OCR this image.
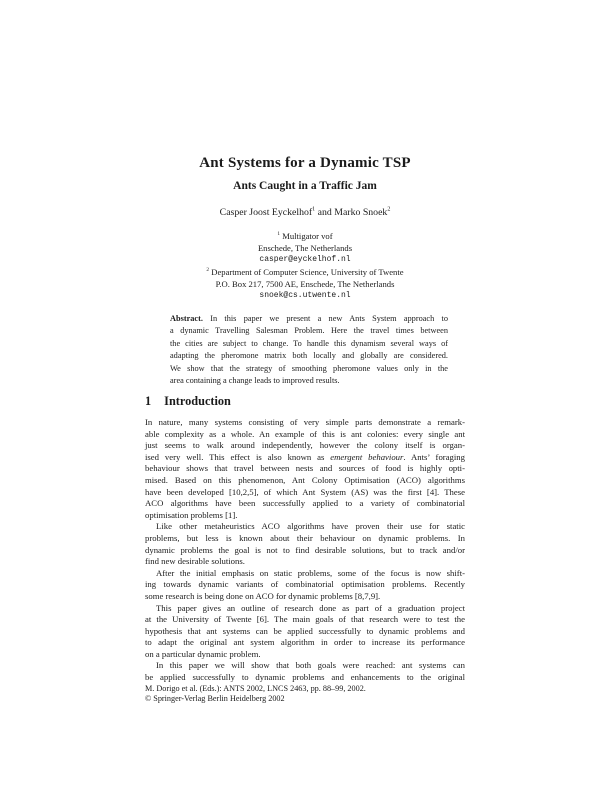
Ant Systems for a Dynamic TSP
Ants Caught in a Traffic Jam
Casper Joost Eyckelhof$^1$ and Marko Snoek$^2$
$^1$ Multigator vof
Enschede, The Netherlands
casper@eyckelhof.nl
$^2$ Department of Computer Science, University of Twente
P.O. Box 217, 7500 AE, Enschede, The Netherlands
snoek@cs.utwente.nl
Abstract. In this paper we present a new Ants System approach to
a dynamic Travelling Salesman Problem. Here the travel times between
the cities are subject to change. To handle this dynamism several ways of
adapting the pheromone matrix both locally and globally are considered.
We show that the strategy of smoothing pheromone values only in the
area containing a change leads to improved results.
1 Introduction
In nature, many systems consisting of very simple parts demonstrate a remark-
able complexity as a whole. An example of this is ant colonies: every single ant
just seems to walk around independently, however the colony itself is organ-
ised very well. This effect is also known as emergent behaviour. Ants’ foraging
behaviour shows that travel between nests and sources of food is highly opti-
mised. Based on this phenomenon, Ant Colony Optimisation (ACO) algorithms
have been developed [10,2,5], of which Ant System (AS) was the first [4]. These
ACO algorithms have been successfully applied to a variety of combinatorial
optimisation problems [1].
Like other metaheuristics ACO algorithms have proven their use for static
problems, but less is known about their behaviour on dynamic problems. In
dynamic problems the goal is not to find desirable solutions, but to track and/or
find new desirable solutions.
After the initial emphasis on static problems, some of the focus is now shift-
ing towards dynamic variants of combinatorial optimisation problems. Recently
some research is being done on ACO for dynamic problems [8,7,9].
This paper gives an outline of research done as part of a graduation project
at the University of Twente [6]. The main goals of that research were to test the
hypothesis that ant systems can be applied successfully to dynamic problems and
to adapt the original ant system algorithm in order to increase its performance
on a particular dynamic problem.
In this paper we will show that both goals were reached: ant systems can
be applied successfully to dynamic problems and enhancements to the original
M. Dorigo et al. (Eds.): ANTS 2002, LNCS 2463, pp. 88–99, 2002.
© Springer-Verlag Berlin Heidelberg 2002
